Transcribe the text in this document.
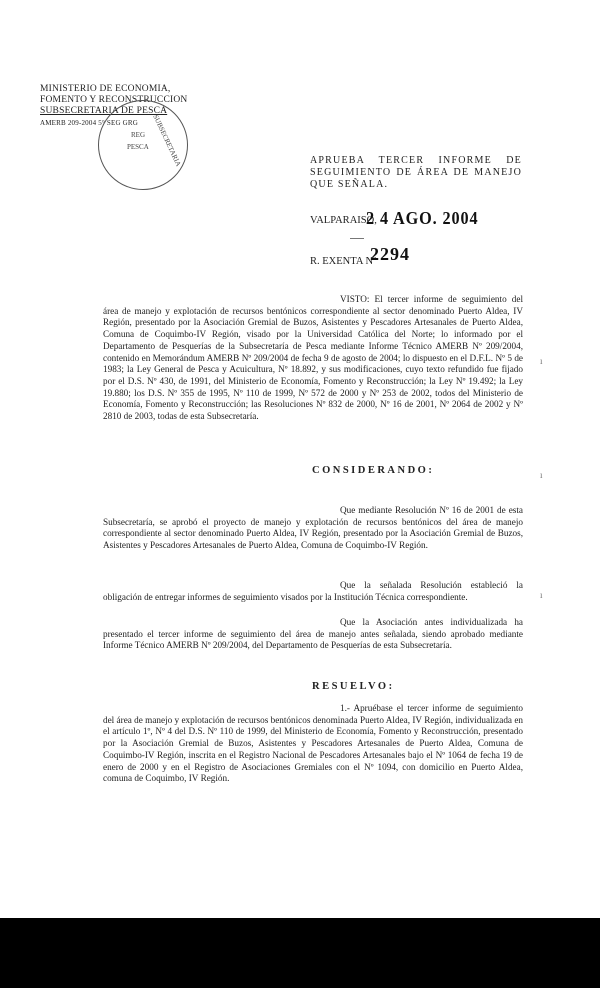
MINISTERIO DE ECONOMIA,
FOMENTO Y RECONSTRUCCION
SUBSECRETARIA DE PESCA
AMERB 209-2004 5° SEG GRG
REG
PESCA SUBSECRETARIA	APRUEBA TERCER INFORME DE SEGUIMIENTO DE ÁREA DE MANEJO QUE SEÑALA.
VALPARAISO,
2 4 AGO. 2004
R. EXENTA Nº
2294
VISTO: El tercer informe de seguimiento del área de manejo y explotación de recursos bentónicos correspondiente al sector denominado Puerto Aldea, IV Región, presentado por la Asociación Gremial de Buzos, Asistentes y Pescadores Artesanales de Puerto Aldea, Comuna de Coquimbo-IV Región, visado por la Universidad Católica del Norte; lo informado por el Departamento de Pesquerías de la Subsecretaría de Pesca mediante Informe Técnico AMERB Nº 209/2004, contenido en Memorándum AMERB Nº 209/2004 de fecha 9 de agosto de 2004; lo dispuesto en el D.F.L. Nº 5 de 1983; la Ley General de Pesca y Acuicultura, Nº 18.892, y sus modificaciones, cuyo texto refundido fue fijado por el D.S. Nº 430, de 1991, del Ministerio de Economía, Fomento y Reconstrucción; la Ley Nº 19.492; la Ley 19.880; los D.S. Nº 355 de 1995, Nº 110 de 1999, Nº 572 de 2000 y Nº 253 de 2002, todos del Ministerio de Economía, Fomento y Reconstrucción; las Resoluciones Nº 832 de 2000, Nº 16 de 2001, Nº 2064 de 2002 y Nº 2810 de 2003, todas de esta Subsecretaría.
ı
ı
ı
CONSIDERANDO:
Que mediante Resolución Nº 16 de 2001 de esta Subsecretaría, se aprobó el proyecto de manejo y explotación de recursos bentónicos del área de manejo correspondiente al sector denominado Puerto Aldea, IV Región, presentado por la Asociación Gremial de Buzos, Asistentes y Pescadores Artesanales de Puerto Aldea, Comuna de Coquimbo-IV Región.
Que la señalada Resolución estableció la obligación de entregar informes de seguimiento visados por la Institución Técnica correspondiente.
Que la Asociación antes individualizada ha presentado el tercer informe de seguimiento del área de manejo antes señalada, siendo aprobado mediante Informe Técnico AMERB Nº 209/2004, del Departamento de Pesquerías de esta Subsecretaría.
RESUELVO:
1.- Apruébase el tercer informe de seguimiento del área de manejo y explotación de recursos bentónicos denominada Puerto Aldea, IV Región, individualizada en el artículo 1º, Nº 4 del D.S. Nº 110 de 1999, del Ministerio de Economía, Fomento y Reconstrucción, presentado por la Asociación Gremial de Buzos, Asistentes y Pescadores Artesanales de Puerto Aldea, Comuna de Coquimbo-IV Región, inscrita en el Registro Nacional de Pescadores Artesanales bajo el Nº 1064 de fecha 19 de enero de 2000 y en el Registro de Asociaciones Gremiales con el Nº 1094, con domicilio en Puerto Aldea, comuna de Coquimbo, IV Región.
